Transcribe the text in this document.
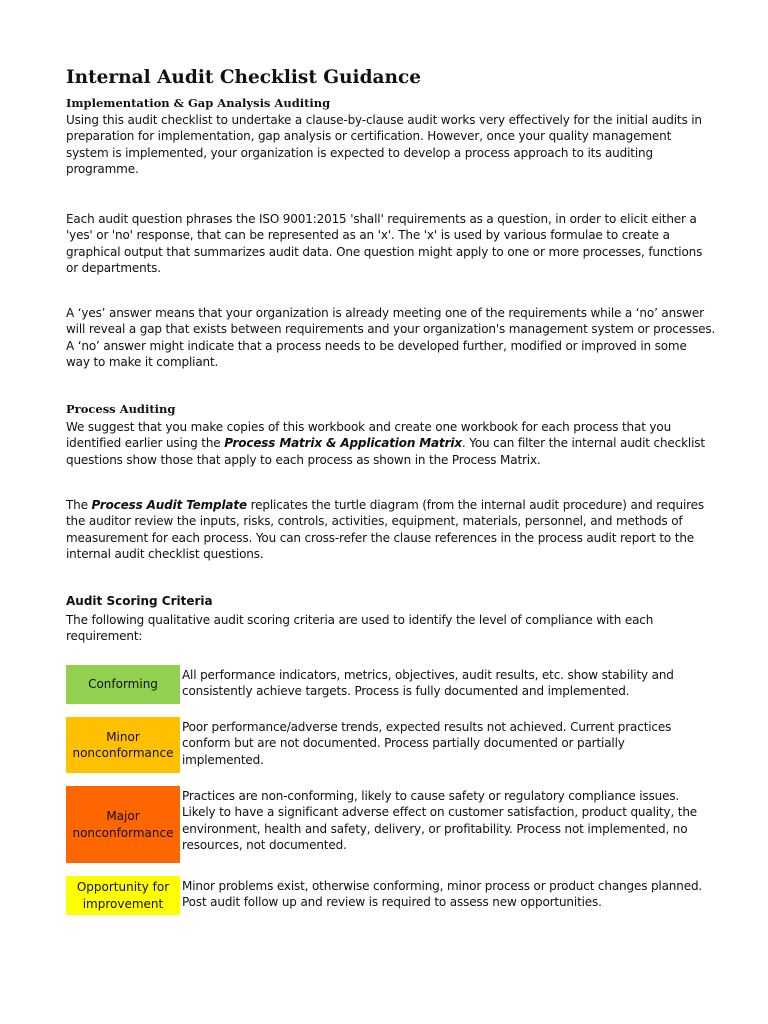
Internal Audit Checklist Guidance
Implementation & Gap Analysis Auditing
Using this audit checklist to undertake a clause-by-clause audit works very effectively for the initial audits in
preparation for implementation, gap analysis or certification. However, once your quality management
system is implemented, your organization is expected to develop a process approach to its auditing
programme.
Each audit question phrases the ISO 9001:2015 'shall' requirements as a question, in order to elicit either a
'yes' or 'no' response, that can be represented as an 'x'. The 'x' is used by various formulae to create a
graphical output that summarizes audit data. One question might apply to one or more processes, functions
or departments.
A ‘yes’ answer means that your organization is already meeting one of the requirements while a ‘no’ answer
will reveal a gap that exists between requirements and your organization's management system or processes.
A ‘no’ answer might indicate that a process needs to be developed further, modified or improved in some
way to make it compliant.
Process Auditing
We suggest that you make copies of this workbook and create one workbook for each process that you
identified earlier using the Process Matrix & Application Matrix. You can filter the internal audit checklist
questions show those that apply to each process as shown in the Process Matrix.
The Process Audit Template replicates the turtle diagram (from the internal audit procedure) and requires
the auditor review the inputs, risks, controls, activities, equipment, materials, personnel, and methods of
measurement for each process. You can cross-refer the clause references in the process audit report to the
internal audit checklist questions.
Audit Scoring Criteria
The following qualitative audit scoring criteria are used to identify the level of compliance with each
requirement:
Conforming
All performance indicators, metrics, objectives, audit results, etc. show stability and
consistently achieve targets. Process is fully documented and implemented.
Minor
nonconformance
Poor performance/adverse trends, expected results not achieved. Current practices
conform but are not documented. Process partially documented or partially
implemented.
Major
nonconformance
Practices are non-conforming, likely to cause safety or regulatory compliance issues.
Likely to have a significant adverse effect on customer satisfaction, product quality, the
environment, health and safety, delivery, or profitability. Process not implemented, no
resources, not documented.
Opportunity for
improvement
Minor problems exist, otherwise conforming, minor process or product changes planned.
Post audit follow up and review is required to assess new opportunities.
